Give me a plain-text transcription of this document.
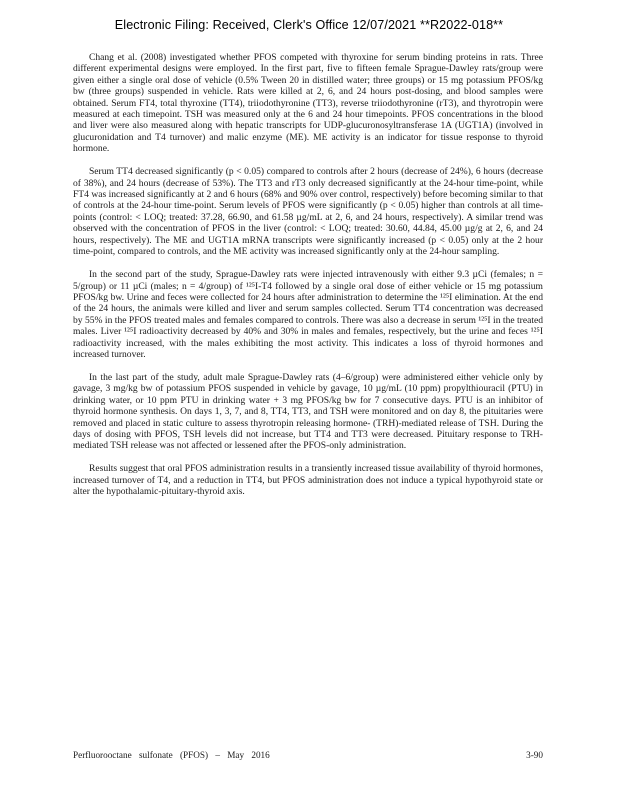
Electronic Filing: Received, Clerk's Office 12/07/2021 **R2022-018**

Chang et al. (2008) investigated whether PFOS competed with thyroxine for serum binding proteins in rats. Three different experimental designs were employed. In the first part, five to fifteen female Sprague-Dawley rats/group were given either a single oral dose of vehicle (0.5% Tween 20 in distilled water; three groups) or 15 mg potassium PFOS/kg bw (three groups) suspended in vehicle. Rats were killed at 2, 6, and 24 hours post-dosing, and blood samples were obtained. Serum FT4, total thyroxine (TT4), triiodothyronine (TT3), reverse triiodothyronine (rT3), and thyrotropin were measured at each timepoint. TSH was measured only at the 6 and 24 hour timepoints. PFOS concentrations in the blood and liver were also measured along with hepatic transcripts for UDP-glucuronosyltransferase 1A (UGT1A) (involved in glucuronidation and T4 turnover) and malic enzyme (ME). ME activity is an indicator for tissue response to thyroid hormone.

Serum TT4 decreased significantly (p < 0.05) compared to controls after 2 hours (decrease of 24%), 6 hours (decrease of 38%), and 24 hours (decrease of 53%). The TT3 and rT3 only decreased significantly at the 24-hour time-point, while FT4 was increased significantly at 2 and 6 hours (68% and 90% over control, respectively) before becoming similar to that of controls at the 24-hour time-point. Serum levels of PFOS were significantly (p < 0.05) higher than controls at all time-points (control: < LOQ; treated: 37.28, 66.90, and 61.58 µg/mL at 2, 6, and 24 hours, respectively). A similar trend was observed with the concentration of PFOS in the liver (control: < LOQ; treated: 30.60, 44.84, 45.00 µg/g at 2, 6, and 24 hours, respectively). The ME and UGT1A mRNA transcripts were significantly increased (p < 0.05) only at the 2 hour time-point, compared to controls, and the ME activity was increased significantly only at the 24-hour sampling.

In the second part of the study, Sprague-Dawley rats were injected intravenously with either 9.3 µCi (females; n = 5/group) or 11 µCi (males; n = 4/group) of ¹²⁵I-T4 followed by a single oral dose of either vehicle or 15 mg potassium PFOS/kg bw. Urine and feces were collected for 24 hours after administration to determine the ¹²⁵I elimination. At the end of the 24 hours, the animals were killed and liver and serum samples collected. Serum TT4 concentration was decreased by 55% in the PFOS treated males and females compared to controls. There was also a decrease in serum ¹²⁵I in the treated males. Liver ¹²⁵I radioactivity decreased by 40% and 30% in males and females, respectively, but the urine and feces ¹²⁵I radioactivity increased, with the males exhibiting the most activity. This indicates a loss of thyroid hormones and increased turnover.

In the last part of the study, adult male Sprague-Dawley rats (4–6/group) were administered either vehicle only by gavage, 3 mg/kg bw of potassium PFOS suspended in vehicle by gavage, 10 µg/mL (10 ppm) propylthiouracil (PTU) in drinking water, or 10 ppm PTU in drinking water + 3 mg PFOS/kg bw for 7 consecutive days. PTU is an inhibitor of thyroid hormone synthesis. On days 1, 3, 7, and 8, TT4, TT3, and TSH were monitored and on day 8, the pituitaries were removed and placed in static culture to assess thyrotropin releasing hormone- (TRH)-mediated release of TSH. During the days of dosing with PFOS, TSH levels did not increase, but TT4 and TT3 were decreased. Pituitary response to TRH-mediated TSH release was not affected or lessened after the PFOS-only administration.

Results suggest that oral PFOS administration results in a transiently increased tissue availability of thyroid hormones, increased turnover of T4, and a reduction in TT4, but PFOS administration does not induce a typical hypothyroid state or alter the hypothalamic-pituitary-thyroid axis.

Perfluorooctane sulfonate (PFOS) – May 2016	3-90
